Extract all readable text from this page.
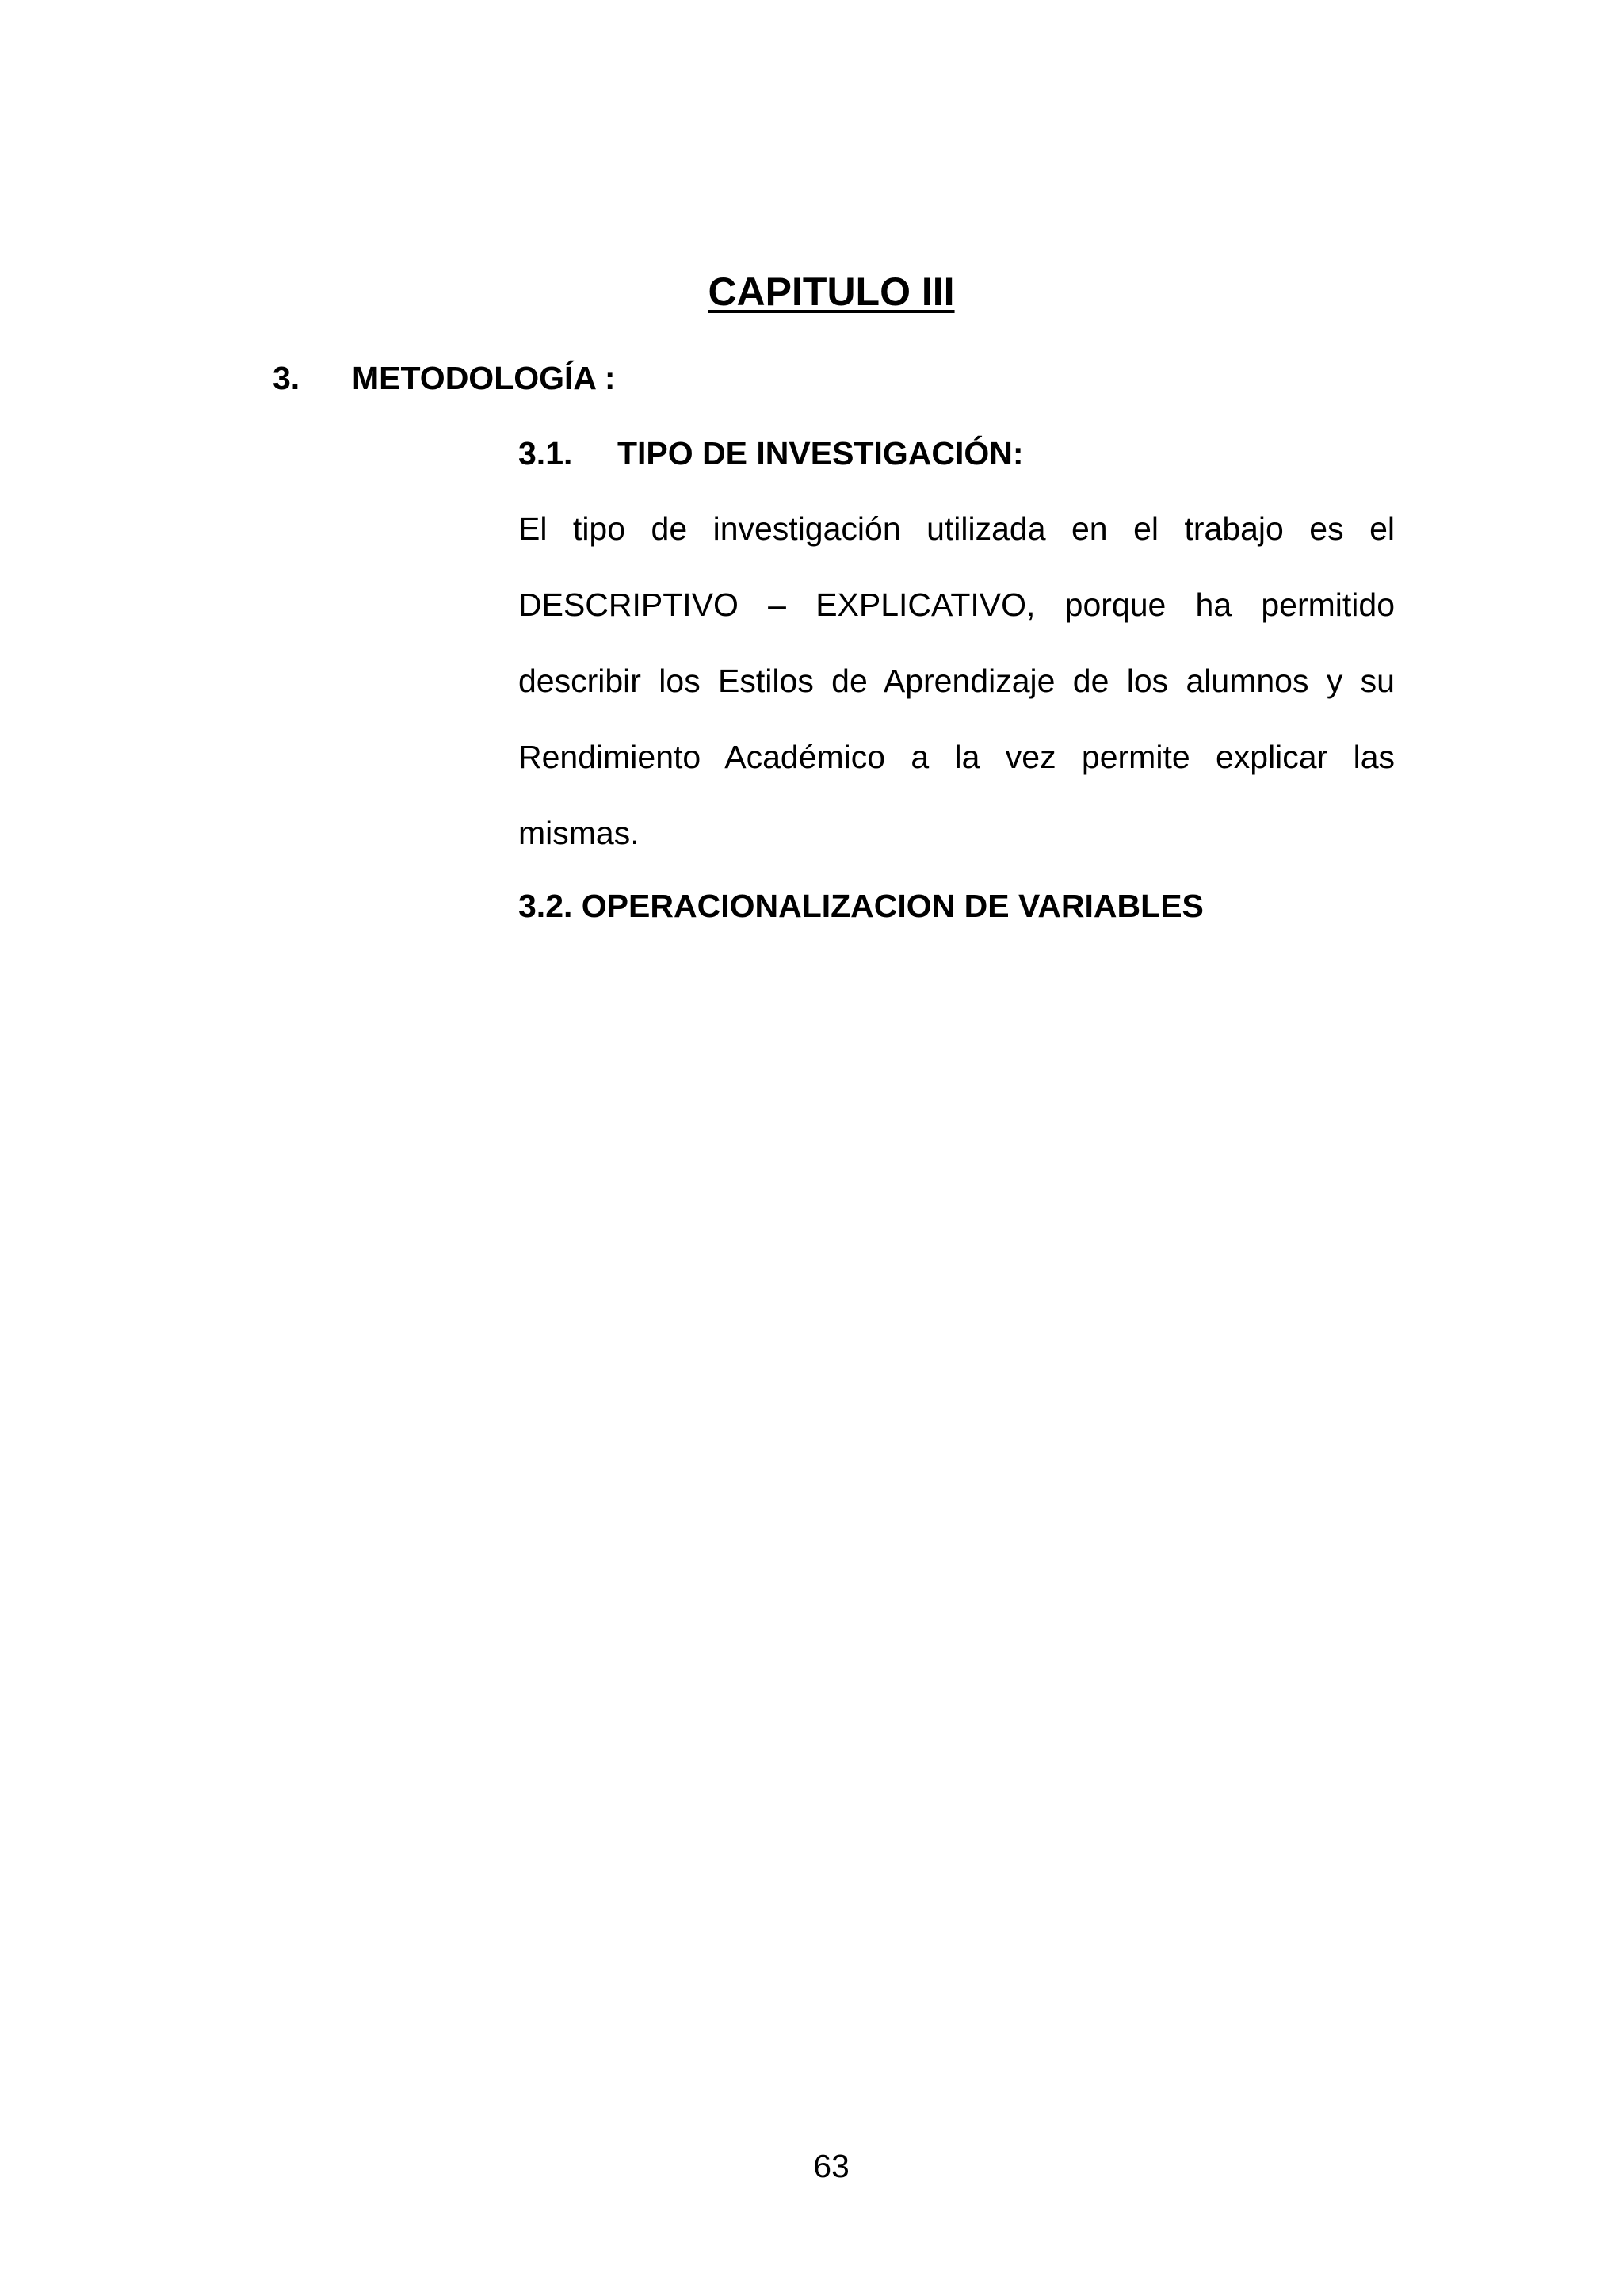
CAPITULO III
3. METODOLOGÍA :
3.1. TIPO DE INVESTIGACIÓN:
El tipo de investigación utilizada en el trabajo es el
DESCRIPTIVO – EXPLICATIVO, porque ha permitido
describir los Estilos de Aprendizaje de los alumnos y su
Rendimiento Académico a la vez permite explicar las
mismas.
3.2. OPERACIONALIZACION DE VARIABLES
63
